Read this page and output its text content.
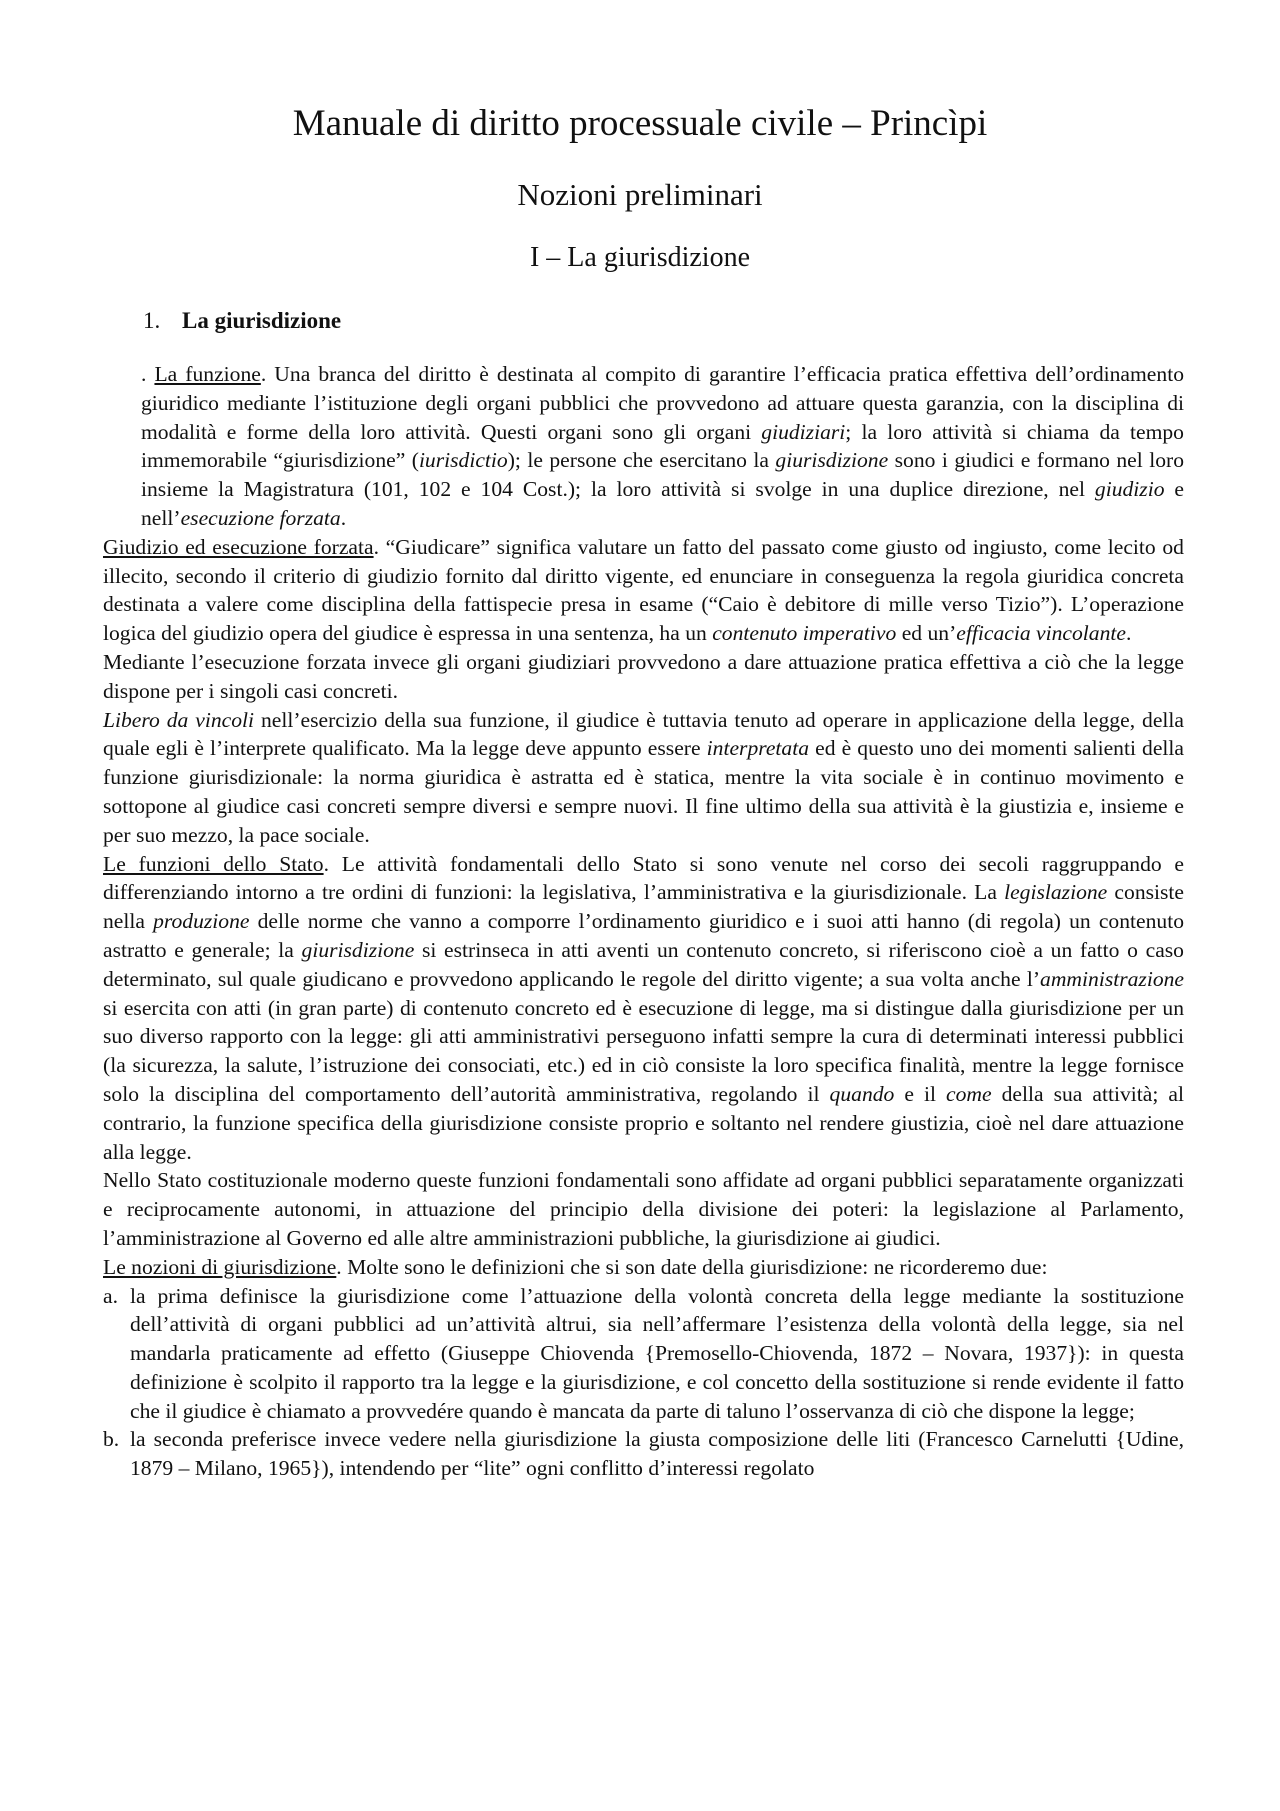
Manuale di diritto processuale civile – Princìpi
Nozioni preliminari
I – La giurisdizione
1. La giurisdizione

. La funzione. Una branca del diritto è destinata al compito di garantire l’efficacia pratica effettiva dell’ordinamento giuridico mediante l’istituzione degli organi pubblici che provvedono ad attuare questa garanzia, con la disciplina di modalità e forme della loro attività. Questi organi sono gli organi giudiziari; la loro attività si chiama da tempo immemorabile “giurisdizione” (iurisdictio); le persone che esercitano la giurisdizione sono i giudici e formano nel loro insieme la Magistratura (101, 102 e 104 Cost.); la loro attività si svolge in una duplice direzione, nel giudizio e nell’esecuzione forzata.

Giudizio ed esecuzione forzata. “Giudicare” significa valutare un fatto del passato come giusto od ingiusto, come lecito od illecito, secondo il criterio di giudizio fornito dal diritto vigente, ed enunciare in conseguenza la regola giuridica concreta destinata a valere come disciplina della fattispecie presa in esame (“Caio è debitore di mille verso Tizio”). L’operazione logica del giudizio opera del giudice è espressa in una sentenza, ha un contenuto imperativo ed un’efficacia vincolante.

Mediante l’esecuzione forzata invece gli organi giudiziari provvedono a dare attuazione pratica effettiva a ciò che la legge dispone per i singoli casi concreti.

Libero da vincoli nell’esercizio della sua funzione, il giudice è tuttavia tenuto ad operare in applicazione della legge, della quale egli è l’interprete qualificato. Ma la legge deve appunto essere interpretata ed è questo uno dei momenti salienti della funzione giurisdizionale: la norma giuridica è astratta ed è statica, mentre la vita sociale è in continuo movimento e sottopone al giudice casi concreti sempre diversi e sempre nuovi. Il fine ultimo della sua attività è la giustizia e, insieme e per suo mezzo, la pace sociale.

Le funzioni dello Stato. Le attività fondamentali dello Stato si sono venute nel corso dei secoli raggruppando e differenziando intorno a tre ordini di funzioni: la legislativa, l’amministrativa e la giurisdizionale. La legislazione consiste nella produzione delle norme che vanno a comporre l’ordinamento giuridico e i suoi atti hanno (di regola) un contenuto astratto e generale; la giurisdizione si estrinseca in atti aventi un contenuto concreto, si riferiscono cioè a un fatto o caso determinato, sul quale giudicano e provvedono applicando le regole del diritto vigente; a sua volta anche l’amministrazione si esercita con atti (in gran parte) di contenuto concreto ed è esecuzione di legge, ma si distingue dalla giurisdizione per un suo diverso rapporto con la legge: gli atti amministrativi perseguono infatti sempre la cura di determinati interessi pubblici (la sicurezza, la salute, l’istruzione dei consociati, etc.) ed in ciò consiste la loro specifica finalità, mentre la legge fornisce solo la disciplina del comportamento dell’autorità amministrativa, regolando il quando e il come della sua attività; al contrario, la funzione specifica della giurisdizione consiste proprio e soltanto nel rendere giustizia, cioè nel dare attuazione alla legge.

Nello Stato costituzionale moderno queste funzioni fondamentali sono affidate ad organi pubblici separatamente organizzati e reciprocamente autonomi, in attuazione del principio della divisione dei poteri: la legislazione al Parlamento, l’amministrazione al Governo ed alle altre amministrazioni pubbliche, la giurisdizione ai giudici.

Le nozioni di giurisdizione. Molte sono le definizioni che si son date della giurisdizione: ne ricorderemo due:

a. la prima definisce la giurisdizione come l’attuazione della volontà concreta della legge mediante la sostituzione dell’attività di organi pubblici ad un’attività altrui, sia nell’affermare l’esistenza della volontà della legge, sia nel mandarla praticamente ad effetto (Giuseppe Chiovenda {Premosello-Chiovenda, 1872 – Novara, 1937}): in questa definizione è scolpito il rapporto tra la legge e la giurisdizione, e col concetto della sostituzione si rende evidente il fatto che il giudice è chiamato a provvedére quando è mancata da parte di taluno l’osservanza di ciò che dispone la legge;
b. la seconda preferisce invece vedere nella giurisdizione la giusta composizione delle liti (Francesco Carnelutti {Udine, 1879 – Milano, 1965}), intendendo per “lite” ogni conflitto d’interessi regolato
